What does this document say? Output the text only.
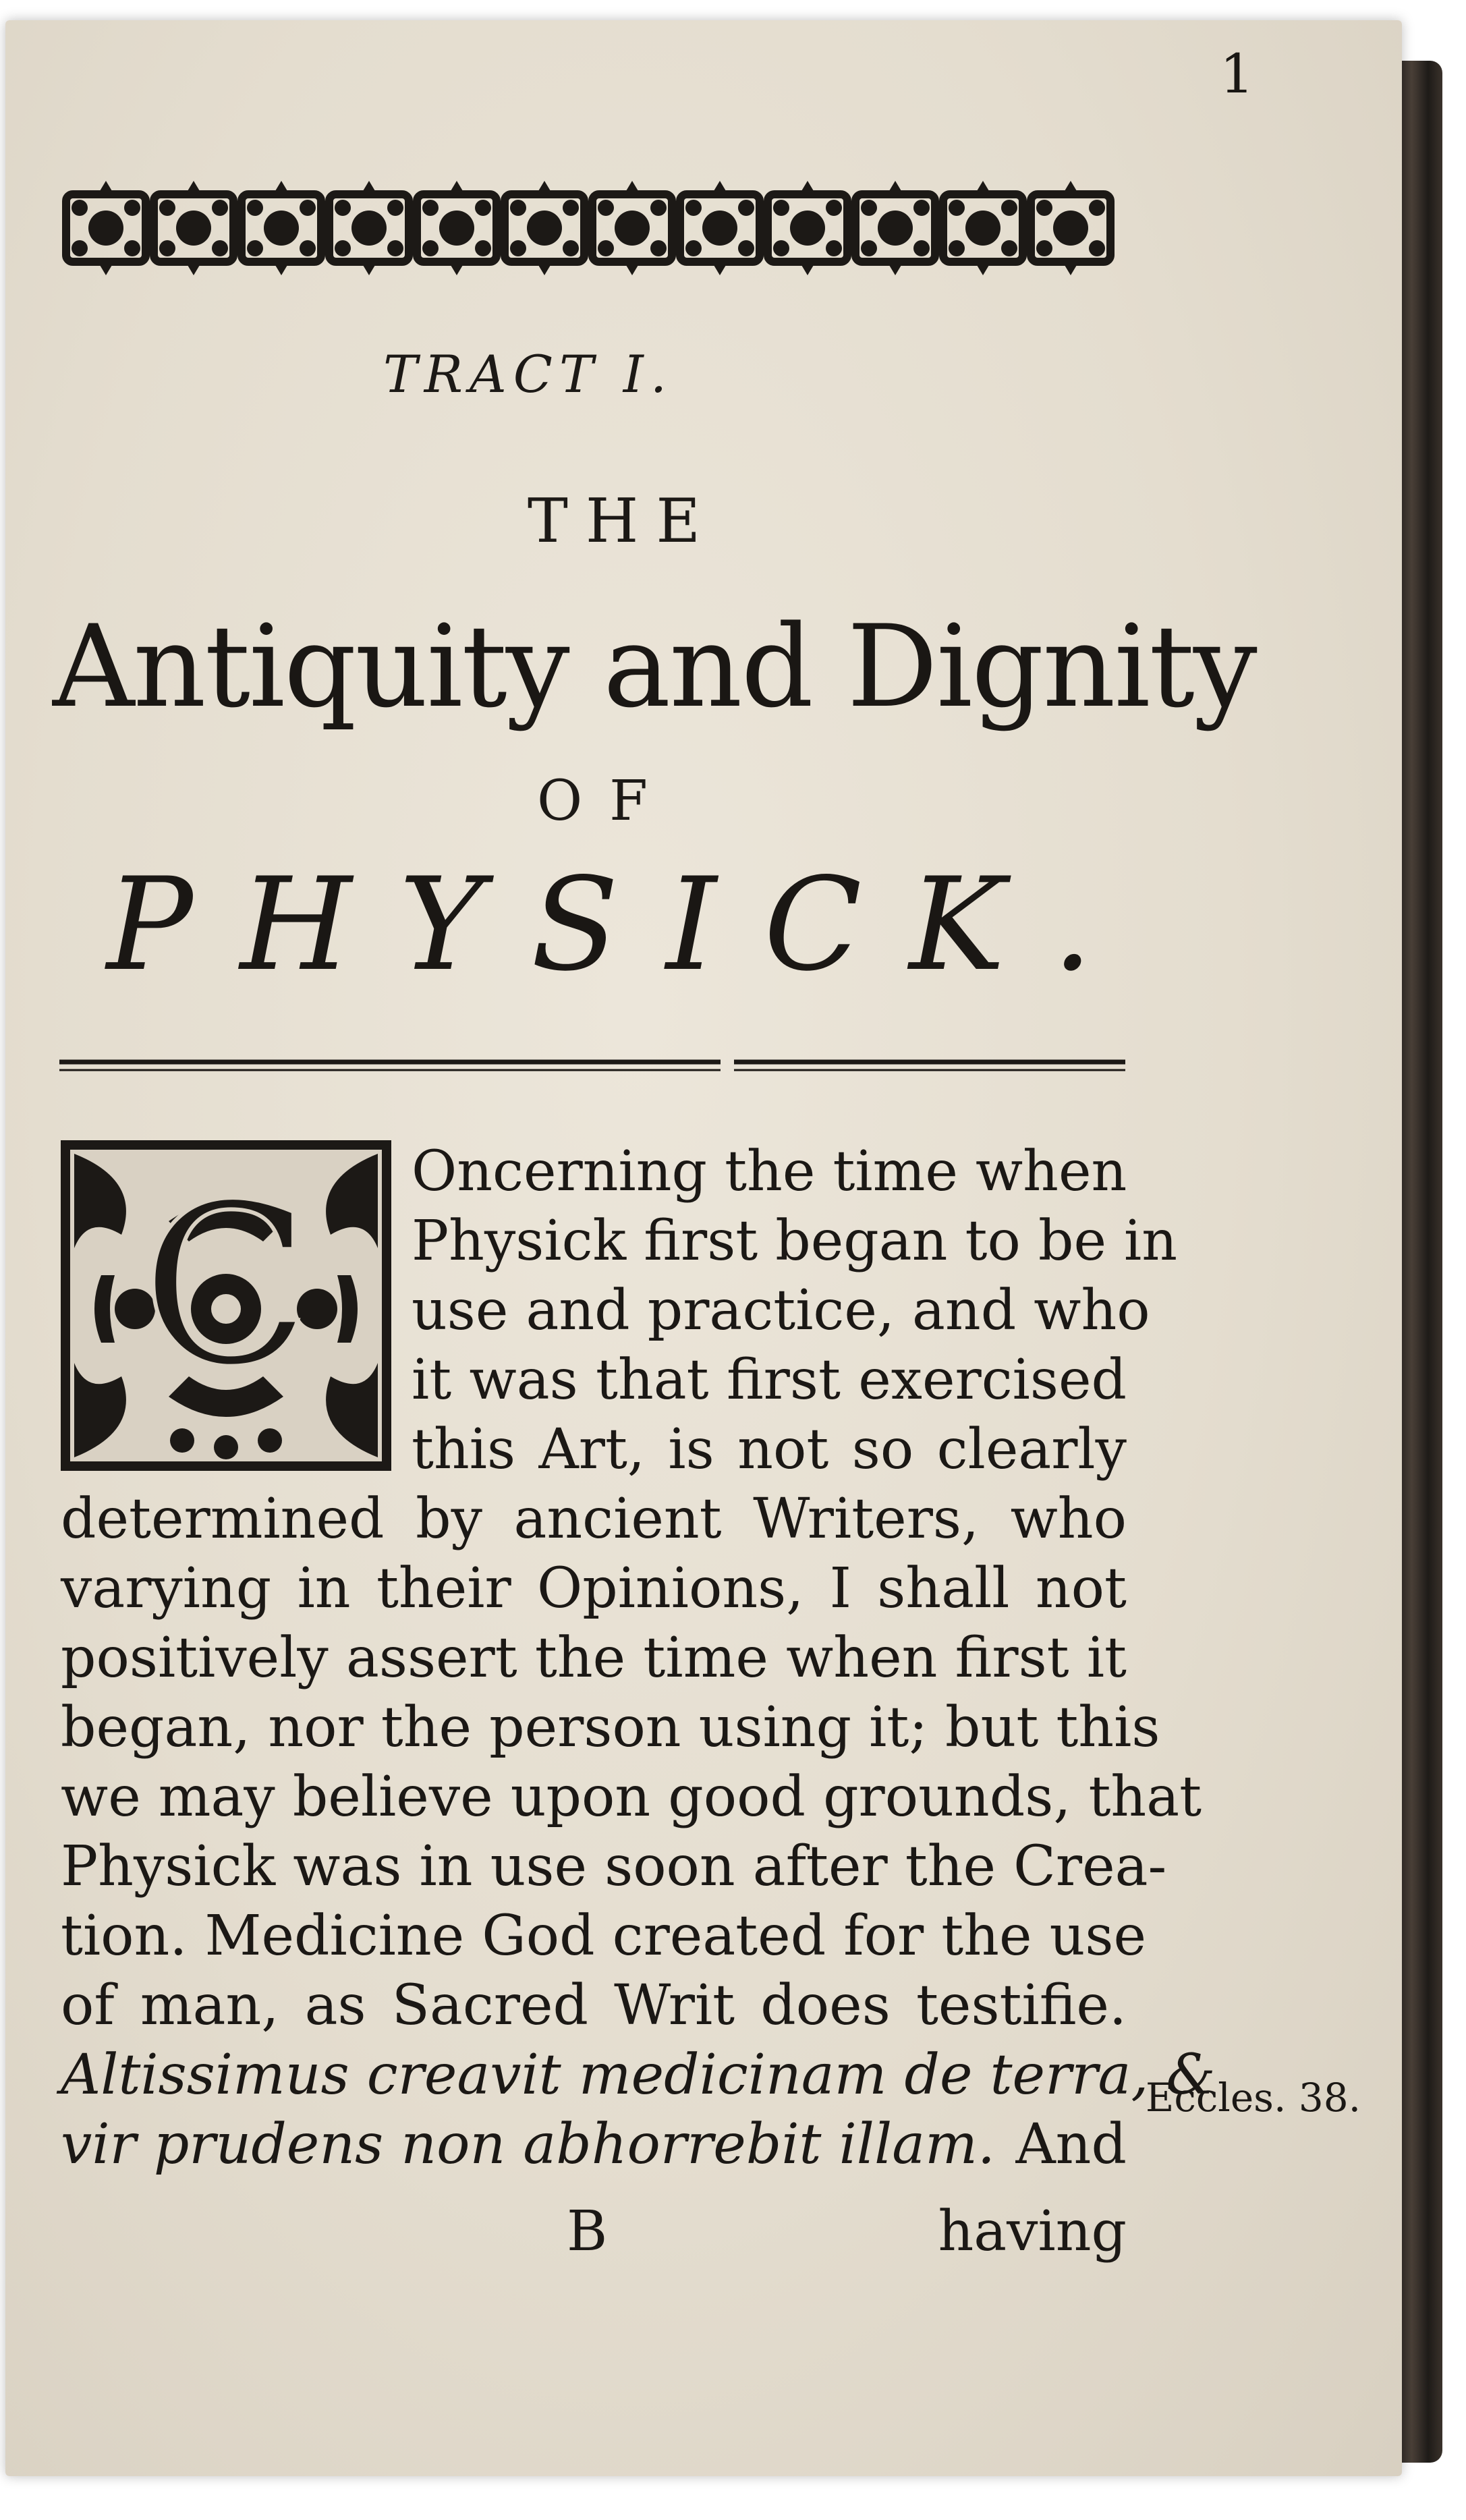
1
TRACT I.
THE
Antiquity and Dignity
OF
PHYSICK.
C	Oncerning the time when
Physick first began to be in
use and practice, and who
it was that first exercised
this Art, is not so clearly
determined by ancient Writers, who
varying in their Opinions, I shall not
positively assert the time when first it
began, nor the person using it; but this
we may believe upon good grounds, that
Physick was in use soon after the Crea-
tion. Medicine God created for the use
of man, as Sacred Writ does testifie.
Altissimus creavit medicinam de terra, &
vir prudens non abhorrebit illam. And
Eccles. 38.
B	having
